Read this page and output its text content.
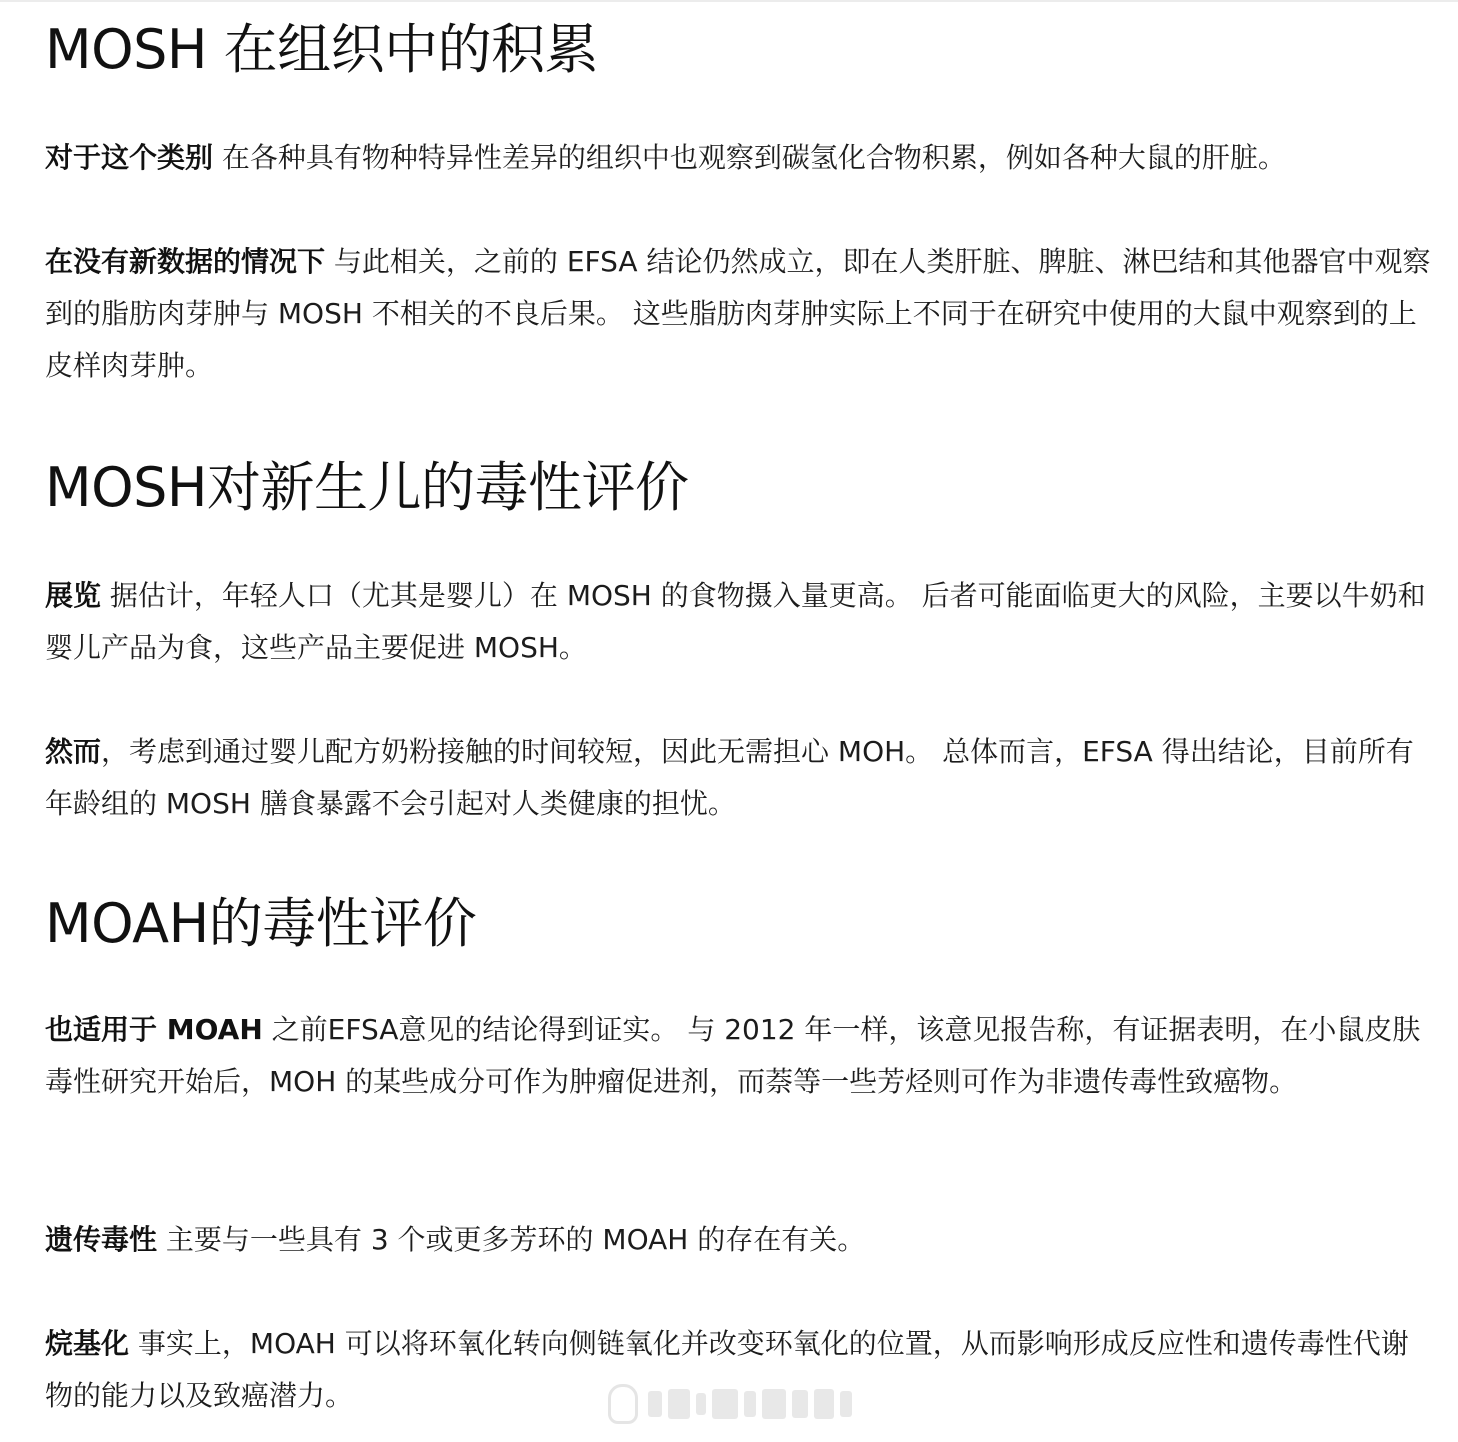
MOSH 在组织中的积累

对于这个类别 在各种具有物种特异性差异的组织中也观察到碳氢化合物积累，例如各种大鼠的肝脏。

在没有新数据的情况下 与此相关，之前的 EFSA 结论仍然成立，即在人类肝脏、脾脏、淋巴结和其他器官中观察到的脂肪肉芽肿与 MOSH 不相关的不良后果。 这些脂肪肉芽肿实际上不同于在研究中使用的大鼠中观察到的上皮样肉芽肿。

MOSH对新生儿的毒性评价

展览 据估计，年轻人口（尤其是婴儿）在 MOSH 的食物摄入量更高。 后者可能面临更大的风险，主要以牛奶和婴儿产品为食，这些产品主要促进 MOSH。

然而，考虑到通过婴儿配方奶粉接触的时间较短，因此无需担心 MOH。 总体而言，EFSA 得出结论，目前所有年龄组的 MOSH 膳食暴露不会引起对人类健康的担忧。

MOAH的毒性评价

也适用于 MOAH 之前EFSA意见的结论得到证实。 与 2012 年一样，该意见报告称，有证据表明，在小鼠皮肤毒性研究开始后，MOH 的某些成分可作为肿瘤促进剂，而萘等一些芳烃则可作为非遗传毒性致癌物。

遗传毒性 主要与一些具有 3 个或更多芳环的 MOAH 的存在有关。

烷基化 事实上，MOAH 可以将环氧化转向侧链氧化并改变环氧化的位置，从而影响形成反应性和遗传毒性代谢物的能力以及致癌潜力。
